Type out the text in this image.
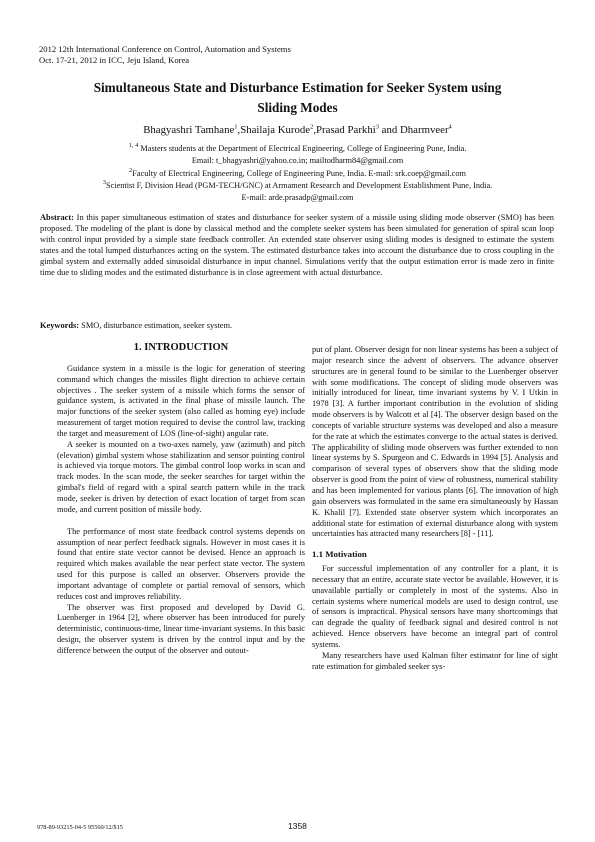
2012 12th International Conference on Control, Automation and Systems
Oct. 17-21, 2012 in ICC, Jeju Island, Korea
Simultaneous State and Disturbance Estimation for Seeker System using
Sliding Modes
Bhagyashri Tamhane$^1$,Shailaja Kurode$^2$,Prasad Parkhi$^3$ and Dharmveer$^4$
$^{1, 4}$ Masters students at the Department of Electrical Engineering, College of Engineering Pune, India.
Email: t_bhagyashri@yahoo.co.in; mailtodharm84@gmail.com
$^2$Faculty of Electrical Engineering, College of Engineering Pune, India. E-mail: srk.coep@gmail.com
$^3$Scientist F, Division Head (PGM-TECH/GNC) at Armament Research and Development Establishment Pune, India.
E-mail: arde.prasadp@gmail.com
Abstract: In this paper simultaneous estimation of states and disturbance for seeker system of a missile using sliding mode observer (SMO) has been proposed. The modeling of the plant is done by classical method and the complete seeker system has been simulated for generation of spiral scan loop with control input provided by a simple state feedback controller. An extended state observer using sliding modes is designed to estimate the system states and the total lumped disturbances acting on the system. The estimated disturbance takes into account the disturbance due to cross coupling in the gimbal system and externally added sinusoidal disturbance in input channel. Simulations verify that the output estimation error is made zero in finite time due to sliding modes and the estimated disturbance is in close agreement with actual disturbance.
Keywords: SMO, disturbance estimation, seeker system.
1. INTRODUCTION

Guidance system in a missile is the logic for generation of steering command which changes the missiles flight direction to achieve certain objectives . The seeker system of a missile which forms the sensor of guidance system, is activated in the final phase of missile launch. The major functions of the seeker system (also called as homing eye) include measurement of target motion required to devise the control law, tracking the target and measurement of LOS (line-of-sight) angular rate.

A seeker is mounted on a two-axes namely, yaw (azimuth) and pitch (elevation) gimbal system whose stabilization and sensor pointing control is achieved via torque motors. The gimbal control loop works in scan and track modes. In the scan mode, the seeker searches for target within the gimbal's field of regard with a spiral search pattern while in the track mode, seeker is driven by detection of exact location of target from scan mode, and current position of missile body.

The performance of most state feedback control systems depends on assumption of near perfect feedback signals. However in most cases it is found that entire state vector cannot be devised. Hence an approach is required which makes available the near perfect state vector. The system used for this purpose is called an observer. Observers provide the important advantage of complete or partial removal of sensors, which reduces cost and improves reliability.

The observer was first proposed and developed by David G. Luenberger in 1964 [2], where observer has been introduced for purely deterministic, continuous-time, linear time-invariant systems. In this basic design, the observer system is driven by the control input and by the difference between the output of the observer and outout-

put of plant. Observer design for non linear systems has been a subject of major research since the advent of observers. The advance observer structures are in general found to be similar to the Luenberger observer with some modifications. The concept of sliding mode observers was initially introduced for linear, time invariant systems by V. I Utkin in 1978 [3]. A further important contribution in the evolution of sliding mode observers is by Walcott et al [4]. The observer design based on the concepts of variable structure systems was developed and also a measure for the rate at which the estimates converge to the actual states is derived. The applicability of sliding mode observers was further extended to non linear systems by S. Spurgeon and C. Edwards in 1994 [5]. Analysis and comparison of several types of observers show that the sliding mode observer is good from the point of view of robustness, numerical stability and has been implemented for various plants [6]. The innovation of high gain observers was formulated in the same era simultaneously by Hassan K. Khalil [7]. Extended state observer system which incorporates an additional state for estimation of external disturbance along with system uncertainties has attracted many researchers [8] - [11].

1.1 Motivation

For successful implementation of any controller for a plant, it is necessary that an entire, accurate state vector be available. However, it is unavailable partially or completely in most of the systems. Also in certain systems where numerical models are used to design control, use of sensors is impractical. Physical sensors have many shortcomings that can degrade the quality of feedback signal and desired control is not achieved. Hence observers have become an integral part of control systems.

Many researchers have used Kalman filter estimator for line of sight rate estimation for gimbaled seeker sys-

978-89-93215-04-5 95560/12/$15	1358
